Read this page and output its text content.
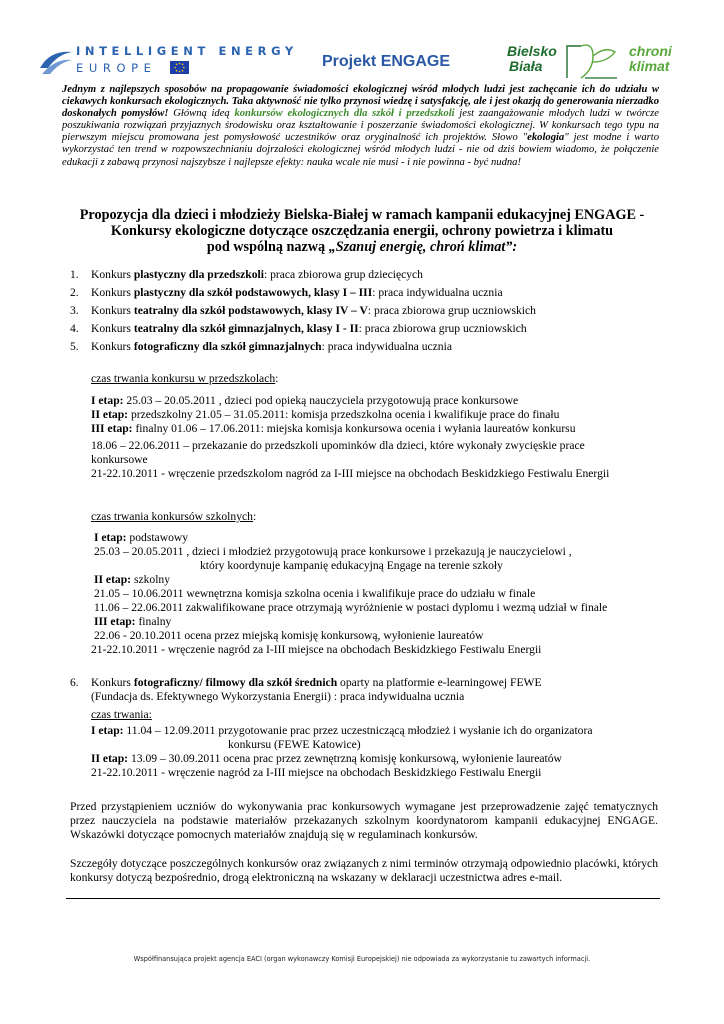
INTELLIGENT ENERGY
EUROPE	Projekt ENGAGE
Bielsko
Biała
chroni
klimat
Jednym z najlepszych sposobów na propagowanie świadomości ekologicznej wśród młodych ludzi jest zachęcanie ich do udziału w ciekawych konkursach ekologicznych. Taka aktywność nie tylko przynosi wiedzę i satysfakcję, ale i jest okazją do generowania nierzadko doskonałych pomysłów! Główną ideą konkursów ekologicznych dla szkół i przedszkoli jest zaangażowanie młodych ludzi w twórcze poszukiwania rozwiązań przyjaznych środowisku oraz kształtowanie i poszerzanie świadomości ekologicznej. W konkursach tego typu na pierwszym miejscu promowana jest pomysłowość uczestników oraz oryginalność ich projektów. Słowo "ekologia" jest modne i warto wykorzystać ten trend w rozpowszechnianiu dojrzałości ekologicznej wśród młodych ludzi - nie od dziś bowiem wiadomo, że połączenie edukacji z zabawą przynosi najszybsze i najlepsze efekty: nauka wcale nie musi - i nie powinna - być nudna!
Propozycja dla dzieci i młodzieży Bielska-Białej w ramach kampanii edukacyjnej ENGAGE -
Konkursy ekologiczne dotyczące oszczędzania energii, ochrony powietrza i klimatu
pod wspólną nazwą „Szanuj energię, chroń klimat”:
1. Konkurs plastyczny dla przedszkoli: praca zbiorowa grup dziecięcych
2. Konkurs plastyczny dla szkół podstawowych, klasy I – III: praca indywidualna ucznia
3. Konkurs teatralny dla szkół podstawowych, klasy IV – V: praca zbiorowa grup uczniowskich
4. Konkurs teatralny dla szkół gimnazjalnych, klasy I - II: praca zbiorowa grup uczniowskich
5. Konkurs fotograficzny dla szkół gimnazjalnych: praca indywidualna ucznia
czas trwania konkursu w przedszkolach:
I etap: 25.03 – 20.05.2011 , dzieci pod opieką nauczyciela przygotowują prace konkursowe
II etap: przedszkolny 21.05 – 31.05.2011: komisja przedszkolna ocenia i kwalifikuje prace do finału
III etap: finalny 01.06 – 17.06.2011: miejska komisja konkursowa ocenia i wyłania laureatów konkursu
18.06 – 22.06.2011 – przekazanie do przedszkoli upominków dla dzieci, które wykonały zwycięskie prace
konkursowe
21-22.10.2011 - wręczenie przedszkolom nagród za I-III miejsce na obchodach Beskidzkiego Festiwalu Energii
czas trwania konkursów szkolnych:
I etap: podstawowy
25.03 – 20.05.2011 , dzieci i młodzież przygotowują prace konkursowe i przekazują je nauczycielowi ,
który koordynuje kampanię edukacyjną Engage na terenie szkoły
II etap: szkolny
21.05 – 10.06.2011 wewnętrzna komisja szkolna ocenia i kwalifikuje prace do udziału w finale
11.06 – 22.06.2011 zakwalifikowane prace otrzymają wyróżnienie w postaci dyplomu i wezmą udział w finale
III etap: finalny
22.06 - 20.10.2011 ocena przez miejską komisję konkursową, wyłonienie laureatów
21-22.10.2011 - wręczenie nagród za I-III miejsce na obchodach Beskidzkiego Festiwalu Energii
6. Konkurs fotograficzny/ filmowy dla szkół średnich oparty na platformie e-learningowej FEWE
(Fundacja ds. Efektywnego Wykorzystania Energii) : praca indywidualna ucznia
czas trwania:
I etap: 11.04 – 12.09.2011 przygotowanie prac przez uczestniczącą młodzież i wysłanie ich do organizatora
konkursu (FEWE Katowice)
II etap: 13.09 – 30.09.2011 ocena prac przez zewnętrzną komisję konkursową, wyłonienie laureatów
21-22.10.2011 - wręczenie nagród za I-III miejsce na obchodach Beskidzkiego Festiwalu Energii
Przed przystąpieniem uczniów do wykonywania prac konkursowych wymagane jest przeprowadzenie zajęć tematycznych przez nauczyciela na podstawie materiałów przekazanych szkolnym koordynatorom kampanii edukacyjnej ENGAGE. Wskazówki dotyczące pomocnych materiałów znajdują się w regulaminach konkursów.
Szczegóły dotyczące poszczególnych konkursów oraz związanych z nimi terminów otrzymają odpowiednio placówki, których konkursy dotyczą bezpośrednio, drogą elektroniczną na wskazany w deklaracji uczestnictwa adres e-mail.
Współfinansująca projekt agencja EACI (organ wykonawczy Komisji Europejskiej) nie odpowiada za wykorzystanie tu zawartych informacji.
